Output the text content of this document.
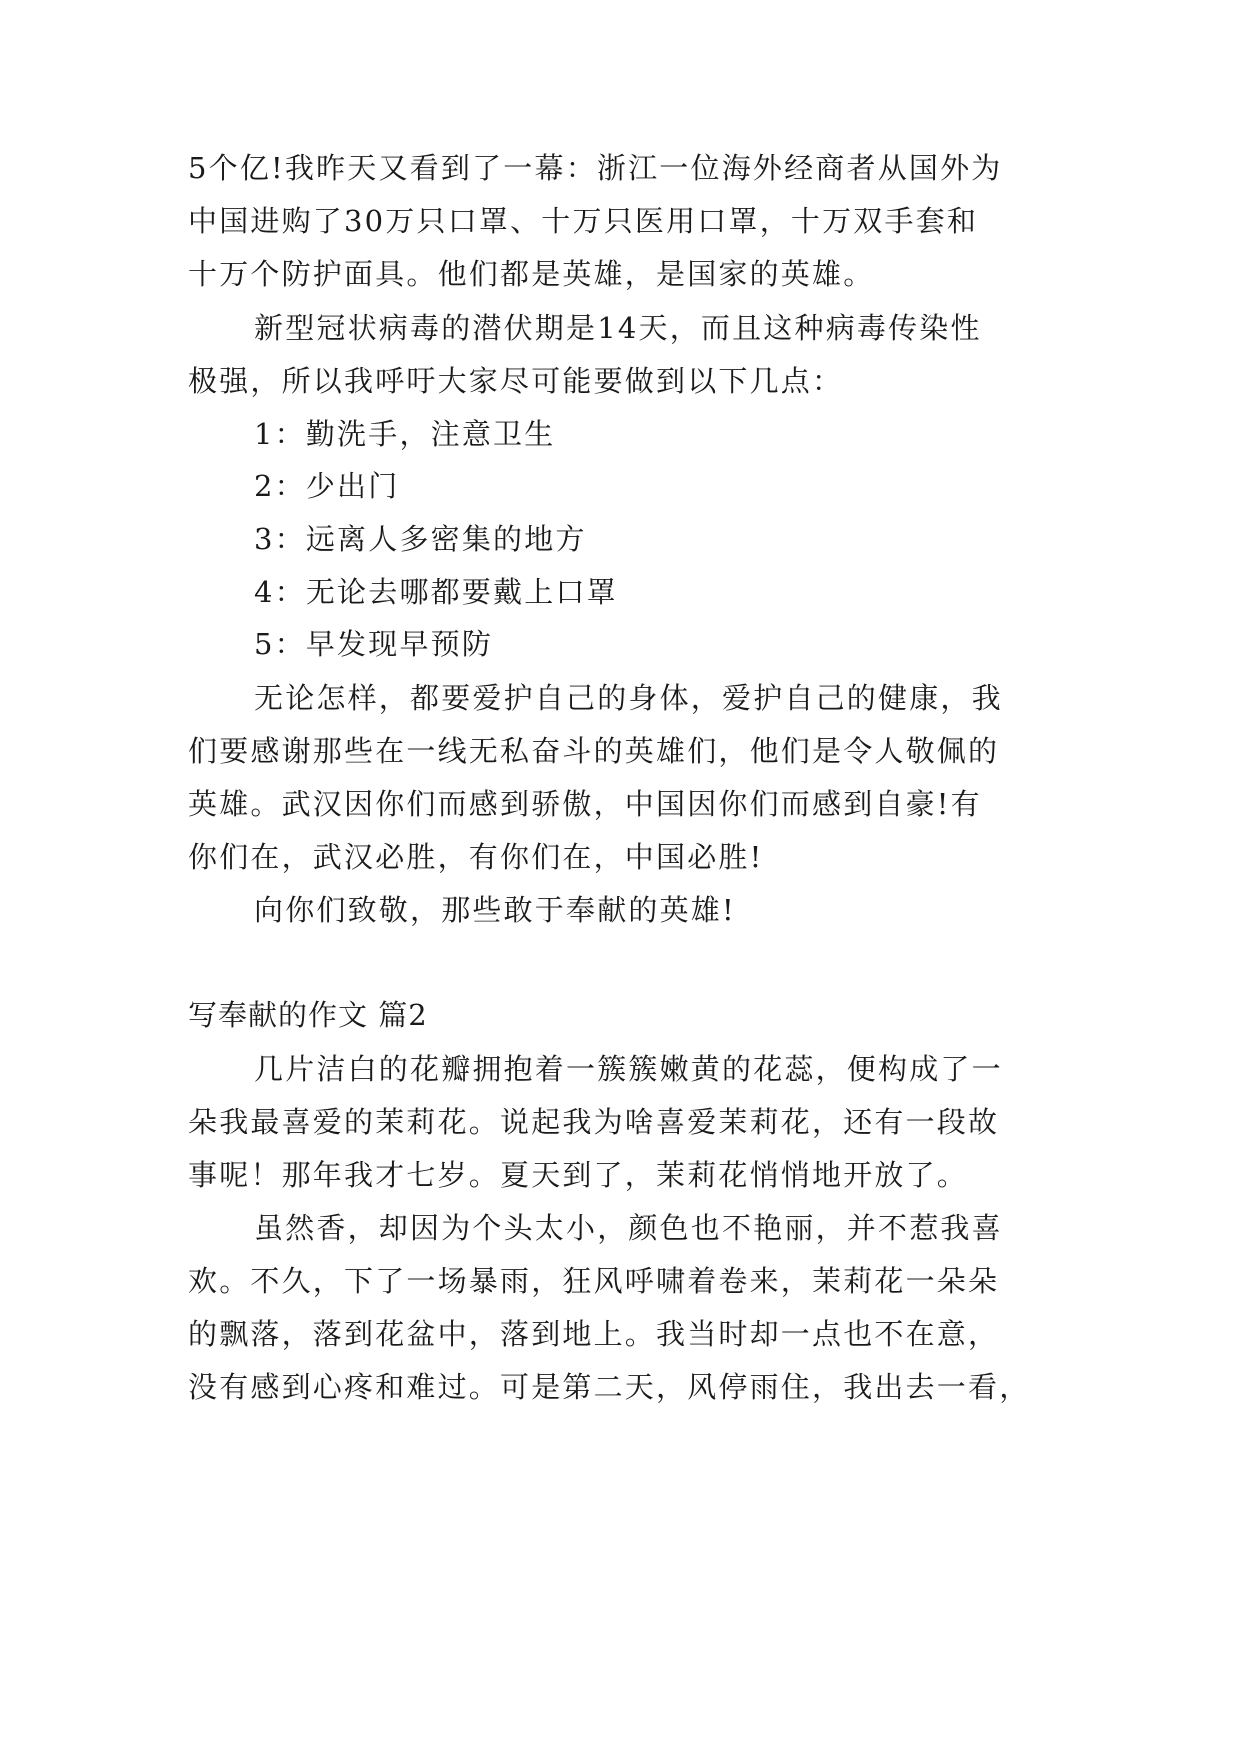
5个亿!我昨天又看到了一幕：浙江一位海外经商者从国外为
中国进购了30万只口罩、十万只医用口罩，十万双手套和
十万个防护面具。他们都是英雄，是国家的英雄。
新型冠状病毒的潜伏期是14天，而且这种病毒传染性
极强，所以我呼吁大家尽可能要做到以下几点：
1：勤洗手，注意卫生
2：少出门
3：远离人多密集的地方
4：无论去哪都要戴上口罩
5：早发现早预防
无论怎样，都要爱护自己的身体，爱护自己的健康，我
们要感谢那些在一线无私奋斗的英雄们，他们是令人敬佩的
英雄。武汉因你们而感到骄傲，中国因你们而感到自豪!有
你们在，武汉必胜，有你们在，中国必胜!
向你们致敬，那些敢于奉献的英雄!
写奉献的作文 篇2
几片洁白的花瓣拥抱着一簇簇嫩黄的花蕊，便构成了一
朵我最喜爱的茉莉花。说起我为啥喜爱茉莉花，还有一段故
事呢！那年我才七岁。夏天到了，茉莉花悄悄地开放了。
虽然香，却因为个头太小，颜色也不艳丽，并不惹我喜
欢。不久，下了一场暴雨，狂风呼啸着卷来，茉莉花一朵朵
的飘落，落到花盆中，落到地上。我当时却一点也不在意，
没有感到心疼和难过。可是第二天，风停雨住，我出去一看，
